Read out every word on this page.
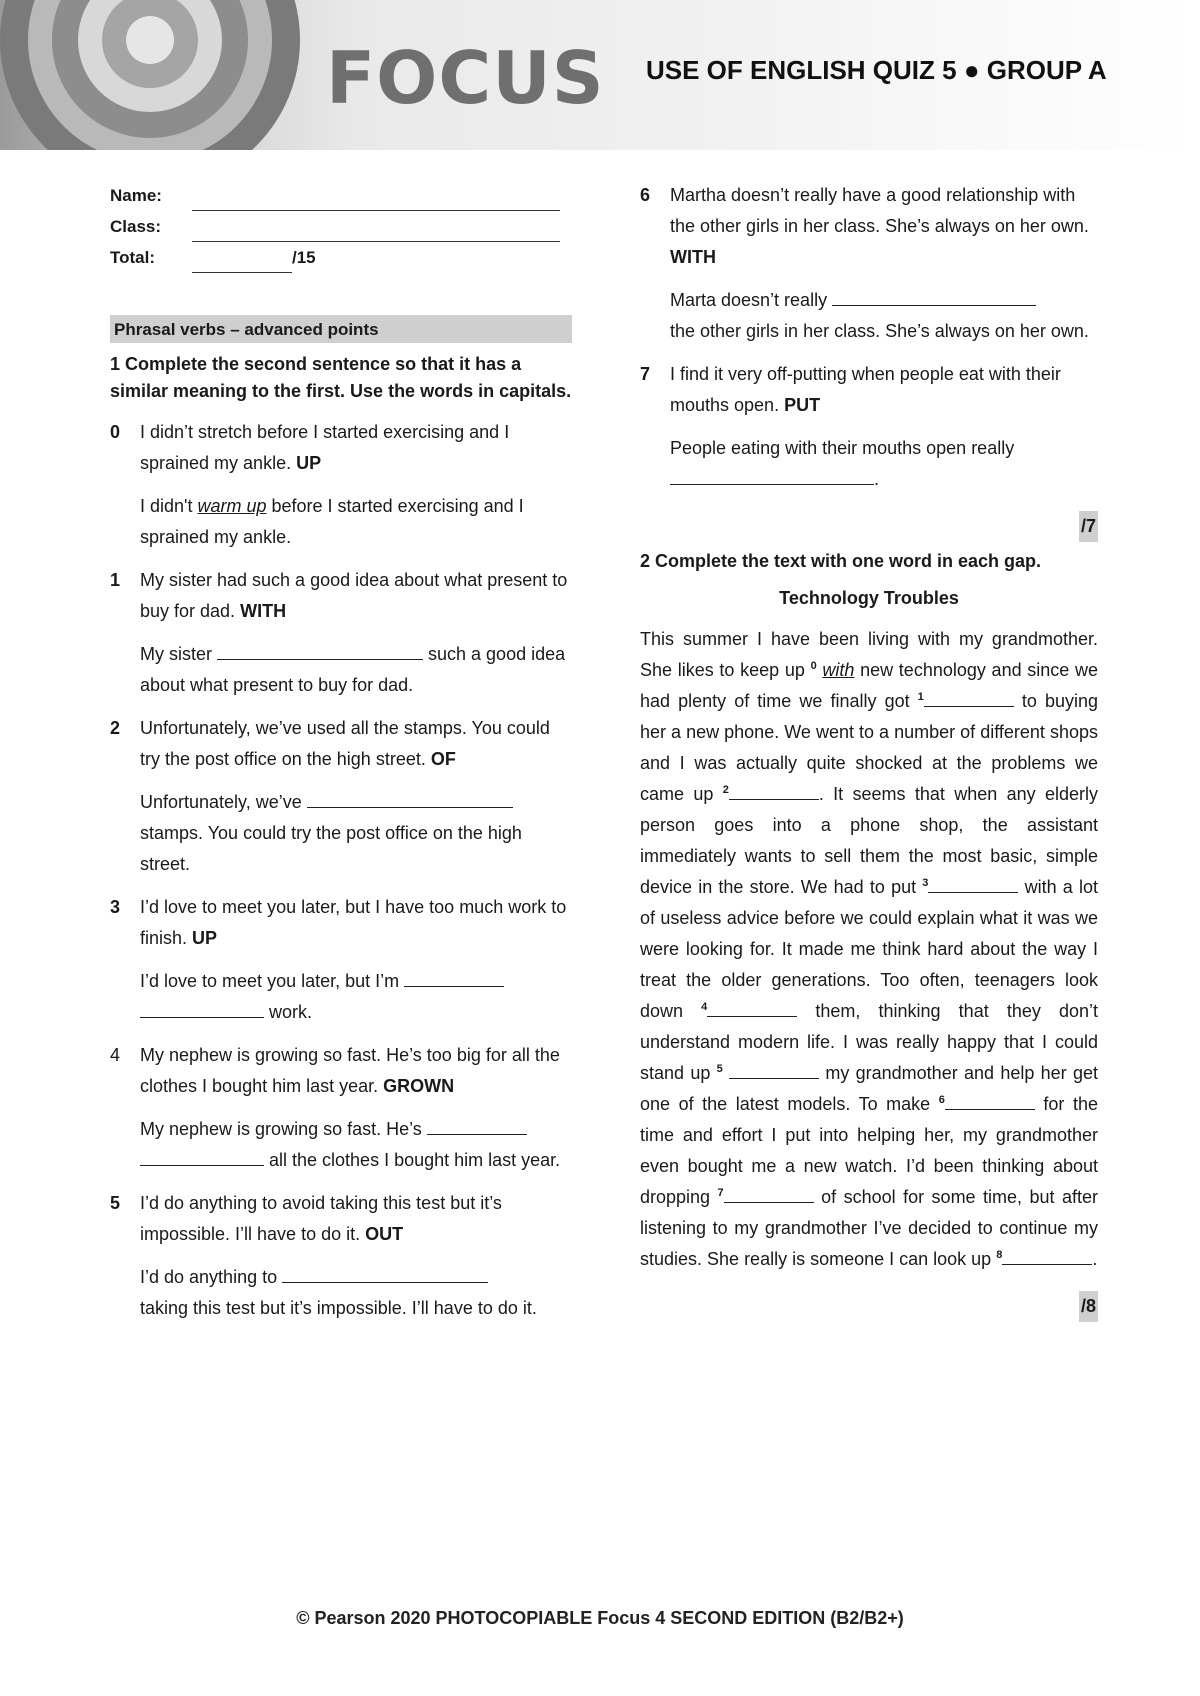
FOCUS USE OF ENGLISH QUIZ 5 ● GROUP A
Name:
Class:
Total:	/15
Phrasal verbs – advanced points
1 Complete the second sentence so that it has a similar meaning to the first. Use the words in capitals.
0	I didn’t stretch before I started exercising and I sprained my ankle. UP
I didn't warm up before I started exercising and I sprained my ankle.
1	My sister had such a good idea about what present to buy for dad. WITH
My sister	such a good idea about what present to buy for dad.
2	Unfortunately, we’ve used all the stamps. You could try the post office on the high street. OF
Unfortunately, we’ve
stamps. You could try the post office on the high street.
3	I’d love to meet you later, but I have too much work to finish. UP
I’d love to meet you later, but I’m
work.
4	My nephew is growing so fast. He’s too big for all the clothes I bought him last year. GROWN
My nephew is growing so fast. He’s
all the clothes I bought him last year.
5	I’d do anything to avoid taking this test but it’s impossible. I’ll have to do it. OUT
I’d do anything to
taking this test but it’s impossible. I’ll have to do it.
6	Martha doesn’t really have a good relationship with the other girls in her class. She’s always on her own. WITH
Marta doesn’t really
the other girls in her class. She’s always on her own.
7	I find it very off-putting when people eat with their mouths open. PUT
People eating with their mouths open really
.
/7
2 Complete the text with one word in each gap.
Technology Troubles
This summer I have been living with my grandmother. She likes to keep up $^0$ with new technology and since we had plenty of time we finally got $^1$	to buying her a new phone. We went to a number of different shops and I was actually quite shocked at the problems we came up $^2$	. It seems that when any elderly person goes into a phone shop, the assistant immediately wants to sell them the most basic, simple device in the store. We had to put $^3$	with a lot of useless advice before we could explain what it was we were looking for. It made me think hard about the way I treat the older generations. Too often, teenagers look down $^4$	them, thinking that they don’t understand modern life. I was really happy that I could stand up $^5$	my grandmother and help her get one of the latest models. To make $^6$	for the time and effort I put into helping her, my grandmother even bought me a new watch. I’d been thinking about dropping $^7$	of school for some time, but after listening to my grandmother I’ve decided to continue my studies. She really is someone I can look up $^8$	.
/8
© Pearson 2020 PHOTOCOPIABLE Focus 4 SECOND EDITION (B2/B2+)
